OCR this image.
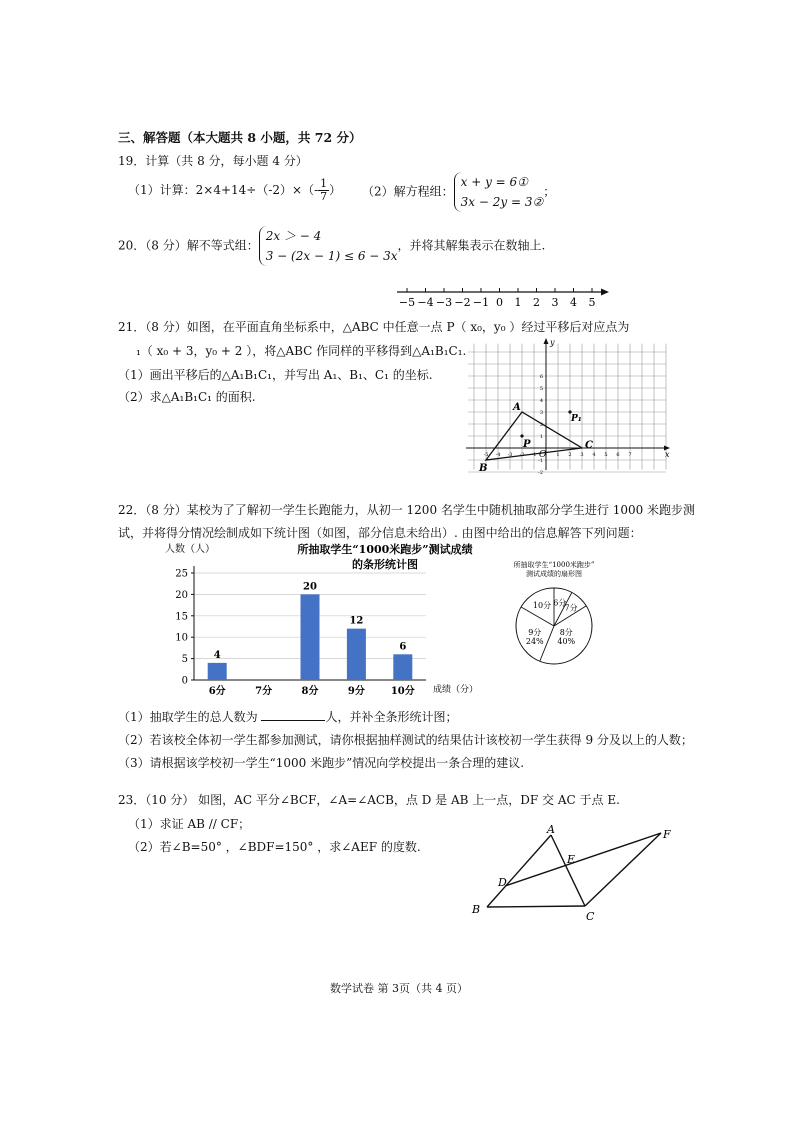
三、解答题（本大题共 8 小题，共 72 分）
19．计算（共 8 分，每小题 4 分）
（1）计算：$2\times 4+14\div(-2)\times(- \frac{1}{7}$ ） （2）解方程组：
x + y = 6①
3x − 2y = 3②
；
20．（8 分）解不等式组：
2x ＞ − 4
3 − (2x − 1) ≤ 6 − 3x
，并将其解集表示在数轴上.
−5 −4 −3 −2 −1 0 1 2 3 4 5
21．（8 分）如图，在平面直角坐标系中，△ABC 中任意一点 P（ x₀，y₀ ）经过平移后对应点为
₁（ x₀ + 3，y₀ + 2 ），将△ABC 作同样的平移得到△A₁B₁C₁.
（1）画出平移后的△A₁B₁C₁，并写出 A₁、B₁、C₁ 的坐标.
（2）求△A₁B₁C₁ 的面积.
-5 -4 -3 -2 -1	1 2 3 4 5 6 7
6
5
4
3
2
1
-1
-2
x
y
O
A
B
C
P
P₁
22．（8 分）某校为了了解初一学生长跑能力，从初一 1200 名学生中随机抽取部分学生进行 1000 米跑步测
试，并将得分情况绘制成如下统计图（如图，部分信息未给出）. 由图中给出的信息解答下列问题：
人数（人）	所抽取学生“1000米跑步”测试成绩
的条形统计图
0
5
10
15
20
25
4
6分	7分
20
8分
12
9分
6
10分 成绩（分）
所抽取学生“1000米跑步”
测试成绩的扇形图
10分 6分
7分
8分 40%
9分 24%
（1）抽取学生的总人数为	人，并补全条形统计图；
（2）若该校全体初一学生都参加测试，请你根据抽样测试的结果估计该校初一学生获得 9 分及以上的人数；
（3）请根据该学校初一学生“1000 米跑步”情况向学校提出一条合理的建议.
23．（10 分） 如图，AC 平分∠BCF，∠A=∠ACB，点 D 是 AB 上一点，DF 交 AC 于点 E.
（1）求证 AB // CF；
（2）若∠B=50° ，∠BDF=150° ，求∠AEF 的度数.
A
B
C
D
E
F
数学试卷 第 3页（共 4 页）
